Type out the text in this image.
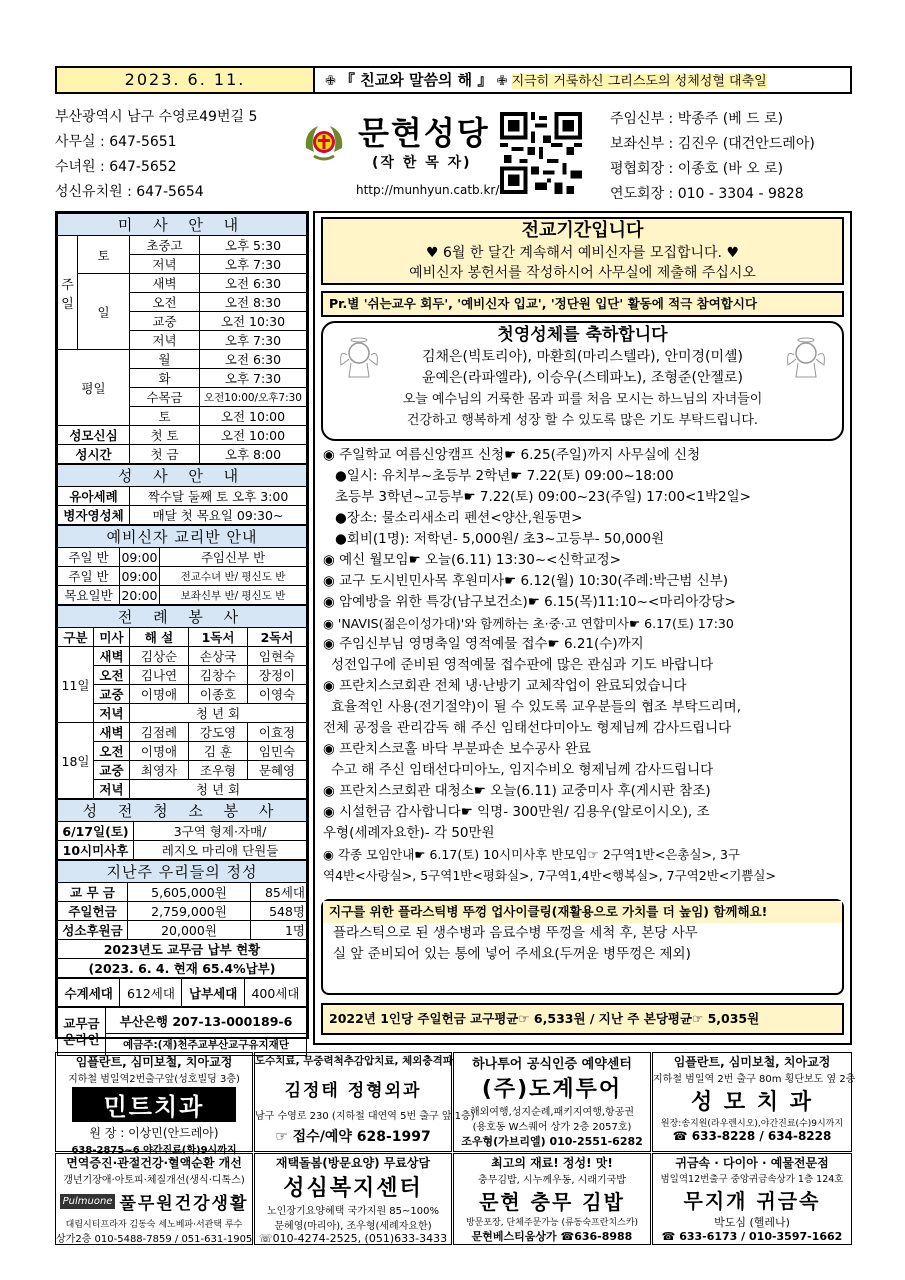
2023. 6. 11.	✙ 『 친교와 말씀의 해 』 ✙ 지극히 거룩하신 그리스도의 성체성혈 대축일
부산광역시 남구 수영로49번길 5
사무실 : 647-5651
수녀원 : 647-5652
성신유치원 : 647-5654
문현성당
(작 한 목 자)
http://munhyun.catb.kr/
주임신부 : 박종주 (베 드 로)
보좌신부 : 김진우 (대건안드레아)
평협회장 : 이종호 (바 오 로)
연도회장 : 010 - 3304 - 9828
미 사 안 내			
주일	토	초중고	오후 5:30
		저녁	오후 7:30
	일	새벽	오전 6:30
		오전	오전 8:30
		교중	오전 10:30
		저녁	오후 7:30
평일		월	오전 6:30
		화	오후 7:30
		수목금	오전10:00/오후7:30
		토	오전 10:00
성모신심		첫 토	오전 10:00
성시간		첫 금	오후 8:00
성 사 안 내	
유아세례	짝수달 둘째 토 오후 3:00
병자영성체	매달 첫 목요일 09:30~
예비신자 교리반 안내		
주일 반	09:00	주임신부 반
주일 반	09:00	전교수녀 반/ 평신도 반
목요일반	20:00	보좌신부 반/ 평신도 반
전 례 봉 사				
구분	미사	해 설	1독서	2독서
11일	새벽	김상순	손상국	임현숙
	오전	김나연	김창수	장정이
	교중	이명애	이종호	이영숙
	저녁	청 년 회		
18일	새벽	김점례	강도영	이효정
	오전	이명애	김 훈	임민숙
	교중	최영자	조우형	문혜영
	저녁	청 년 회		
성 전 청 소 봉 사	
6/17일(토)	3구역 형제·자매/
10시미사후	레지오 마리애 단원들
지난주 우리들의 정성		
교 무 금	5,605,000원	85세대
주일헌금	2,759,000원	548명
성소후원금	20,000원	1명
2023년도 교무금 납부 현황		
(2023. 6. 4. 현재 65.4%납부)		
수계세대	612세대	납부세대	400세대
교무금
온라인	부산은행 207-13-000189-6
예금주:(재)천주교부산교구유지재단
전교기간입니다
♥ 6월 한 달간 계속해서 예비신자를 모집합니다. ♥
예비신자 봉헌서를 작성하시어 사무실에 제출해 주십시오
Pr.별 '쉬는교우 회두', '예비신자 입교', '정단원 입단' 활동에 적극 참여합시다
첫영성체를 축하합니다
김채은(빅토리아), 마환희(마리스텔라), 안미경(미셸)
윤예은(라파엘라), 이승우(스테파노), 조형준(안젤로)
오늘 예수님의 거룩한 몸과 피를 처음 모시는 하느님의 자녀들이
건강하고 행복하게 성장 할 수 있도록 많은 기도 부탁드립니다.
◉ 주일학교 여름신앙캠프 신청☛ 6.25(주일)까지 사무실에 신청
●일시: 유치부~초등부 2학년☛ 7.22(토) 09:00~18:00
초등부 3학년~고등부☛ 7.22(토) 09:00~23(주일) 17:00<1박2일>
●장소: 물소리새소리 펜션<양산,원동면>
●회비(1명): 저학년- 5,000원/ 초3~고등부- 50,000원
◉ 예신 월모임☛ 오늘(6.11) 13:30~<신학교정>
◉ 교구 도시빈민사목 후원미사☛ 6.12(월) 10:30(주례:박근범 신부)
◉ 암예방을 위한 특강(남구보건소)☛ 6.15(목)11:10~<마리아강당>
◉ 'NAVIS(젊은이성가대)'와 함께하는 초·중·고 연합미사☛ 6.17(토) 17:30
◉ 주임신부님 영명축일 영적예물 접수☛ 6.21(수)까지
성전입구에 준비된 영적예물 접수판에 많은 관심과 기도 바랍니다
◉ 프란치스코회관 전체 냉·난방기 교체작업이 완료되었습니다
효율적인 사용(전기절약)이 될 수 있도록 교우분들의 협조 부탁드리며,
전체 공정을 관리감독 해 주신 임태선다미아노 형제님께 감사드립니다
◉ 프란치스코홀 바닥 부분파손 보수공사 완료
수고 해 주신 임태선다미아노, 임지수비오 형제님께 감사드립니다
◉ 프란치스코회관 대청소☛ 오늘(6.11) 교중미사 후(게시판 참조)
◉ 시설헌금 감사합니다☛ 익명- 300만원/ 김용우(알로이시오), 조
우형(세례자요한)- 각 50만원
◉ 각종 모임안내☛ 6.17(토) 10시미사후 반모임☞ 2구역1반<은총실>, 3구
역4반<사랑실>, 5구역1반<평화실>, 7구역1,4반<행복실>, 7구역2반<기쁨실>
지구를 위한 플라스틱병 뚜껑 업사이클링(재활용으로 가치를 더 높임) 함께해요!
플라스틱으로 된 생수병과 음료수병 뚜껑을 세척 후, 본당 사무
실 앞 준비되어 있는 통에 넣어 주세요(두꺼운 병뚜껑은 제외)
2022년 1인당 주일헌금 교구평균☞ 6,533원 / 지난 주 본당평균☞ 5,035원
임플란트, 심미보철, 치아교정
지하철 범일역2번출구앞(성호빌딩 3층)
민트치과
원 장 : 이상민(안드레아)
638-2875~6 야간진료(화)9시까지
도수치료, 무중력척추감압치료, 체외충격파
김정태 정형외과
남구 수영로 230 (지하철 대연역 5번 출구 앞 1층)
☞ 접수/예약 628-1997
하나투어 공식인증 예약센터
(주)도계투어
해외여행,성지순례,패키지여행,항공권
(용호동 W스퀘어 상가 2층 2057호)
조우형(가브리엘) 010-2551-6282
임플란트, 심미보철, 치아교정
지하철 범일역 2번 출구 80m 횡단보도 옆 2층
성 모 치 과
원장:송지원(라우렌시오),야간진료(수)9시까지
☎ 633-8228 / 634-8228
면역증진·관절건강·혈액순환 개선
갱년기장애·아토피·체질개선(생식·디톡스)
Pulmuone 풀무원건강생활
대림시티프라자 김동숙 세노베파·서관택 루수
상가2층 010-5488-7859 / 051-631-1905
재택돌봄(방문요양) 무료상담
성심복지센터
노인장기요양혜택 국가지원 85~100%
문혜영(마리아), 조우형(세례자요한)
☏010-4274-2525, (051)633-3433
최고의 재료! 정성! 맛!
충무김밥, 시누께우동, 시래기국밥
문현 충무 김밥
방문포장, 단체주문가능 (류동숙프란치스카)
문현베스티움상가 ☎636-8988
귀금속 · 다이아 · 예물전문점
범일역12번출구 중앙귀금속상가 1층 124호
무지개 귀금속
박도심 (헬레나)
☎ 633-6173 / 010-3597-1662
